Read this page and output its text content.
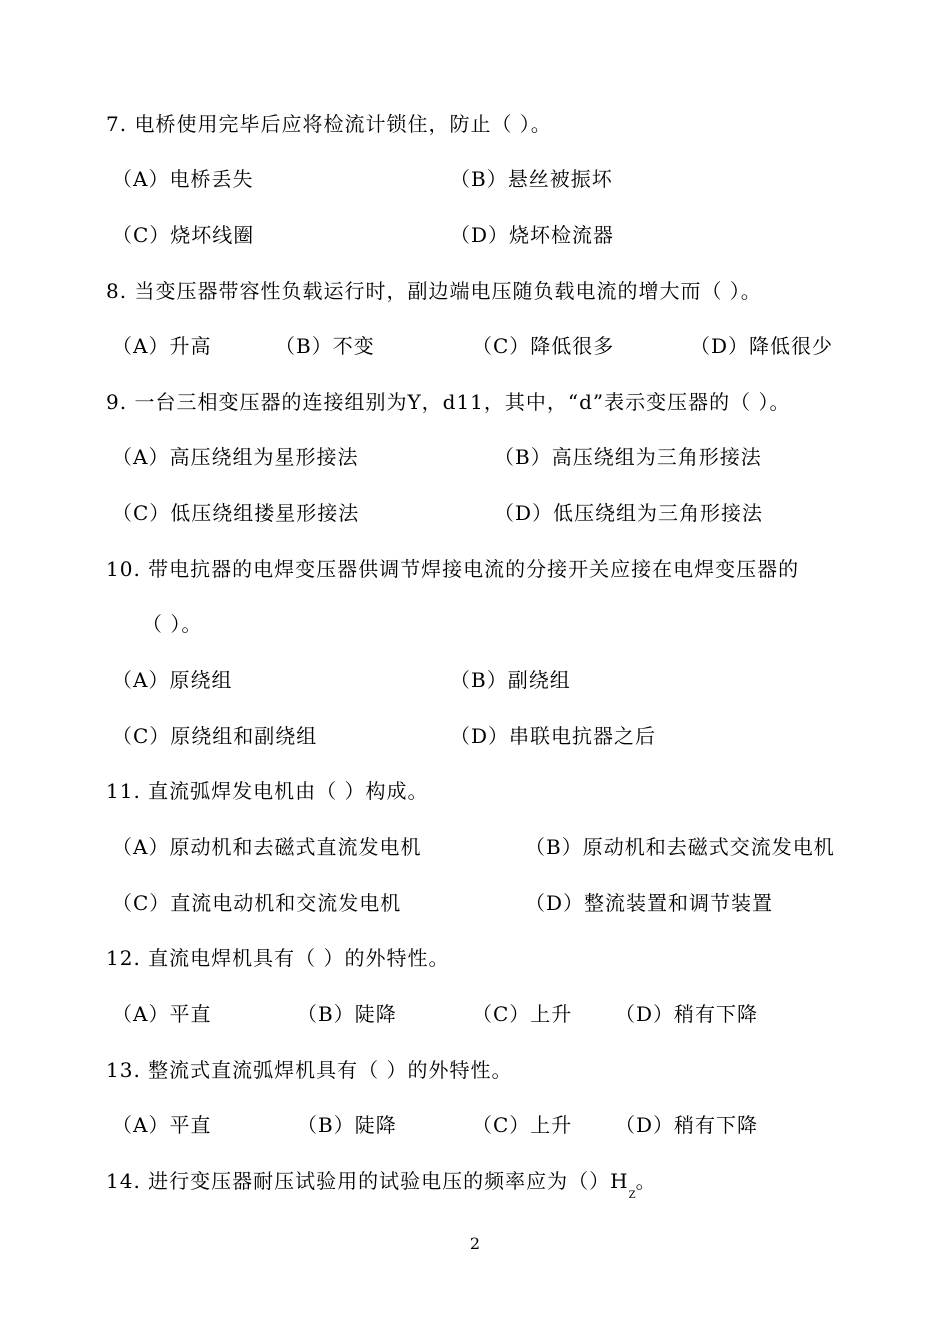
7. 电桥使用完毕后应将检流计锁住，防止（ ）。
（A）电桥丢失	（B）悬丝被振坏
（C）烧坏线圈	（D）烧坏检流器
8. 当变压器带容性负载运行时，副边端电压随负载电流的增大而（ ）。
（A）升高	（B）不变	（C）降低很多	（D）降低很少
9. 一台三相变压器的连接组别为Y，d11，其中，“d”表示变压器的（ ）。
（A）高压绕组为星形接法	（B）高压绕组为三角形接法
（C）低压绕组搂星形接法	（D）低压绕组为三角形接法
10. 带电抗器的电焊变压器供调节焊接电流的分接开关应接在电焊变压器的
（ ）。
（A）原绕组	（B）副绕组
（C）原绕组和副绕组	（D）串联电抗器之后
11. 直流弧焊发电机由（ ）构成。
（A）原动机和去磁式直流发电机	（B）原动机和去磁式交流发电机
（C）直流电动机和交流发电机	（D）整流装置和调节装置
12. 直流电焊机具有（ ）的外特性。
（A）平直	（B）陡降	（C）上升 （D）稍有下降
13. 整流式直流弧焊机具有（ ）的外特性。
（A）平直	（B）陡降	（C）上升 （D）稍有下降
14. 进行变压器耐压试验用的试验电压的频率应为$()H_Z$。
2
